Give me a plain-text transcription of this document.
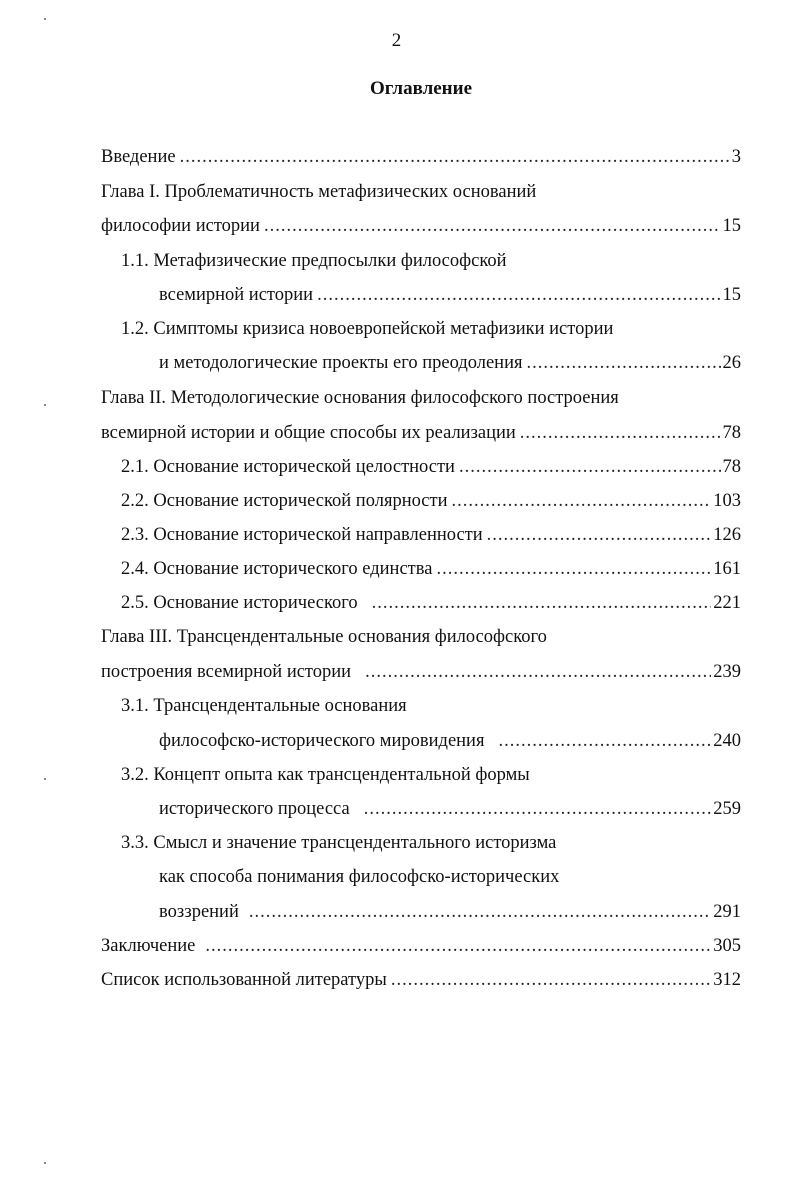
2
Оглавление
Введение .....	3
Глава I. Проблематичность метафизических оснований
философии истории .....	15
1.1. Метафизические предпосылки философской
всемирной истории .....	15
1.2. Симптомы кризиса новоевропейской метафизики истории
и методологические проекты его преодоления .....	26
Глава II. Методологические основания философского построения
всемирной истории и общие способы их реализации .....	78
2.1. Основание исторической целостности .....	78
2.2. Основание исторической полярности .....	103
2.3. Основание исторической направленности .....	126
2.4. Основание исторического единства .....	161
2.5. Основание исторического .....	221
Глава III. Трансцендентальные основания философского
построения всемирной истории .....	239
3.1. Трансцендентальные основания
философско-исторического мировидения .....	240
3.2. Концепт опыта как трансцендентальной формы
исторического процесса .....	259
3.3. Смысл и значение трансцендентального историзма
как способа понимания философско-исторических
воззрений .....	291
Заключение .....	305
Список использованной литературы .....	312
